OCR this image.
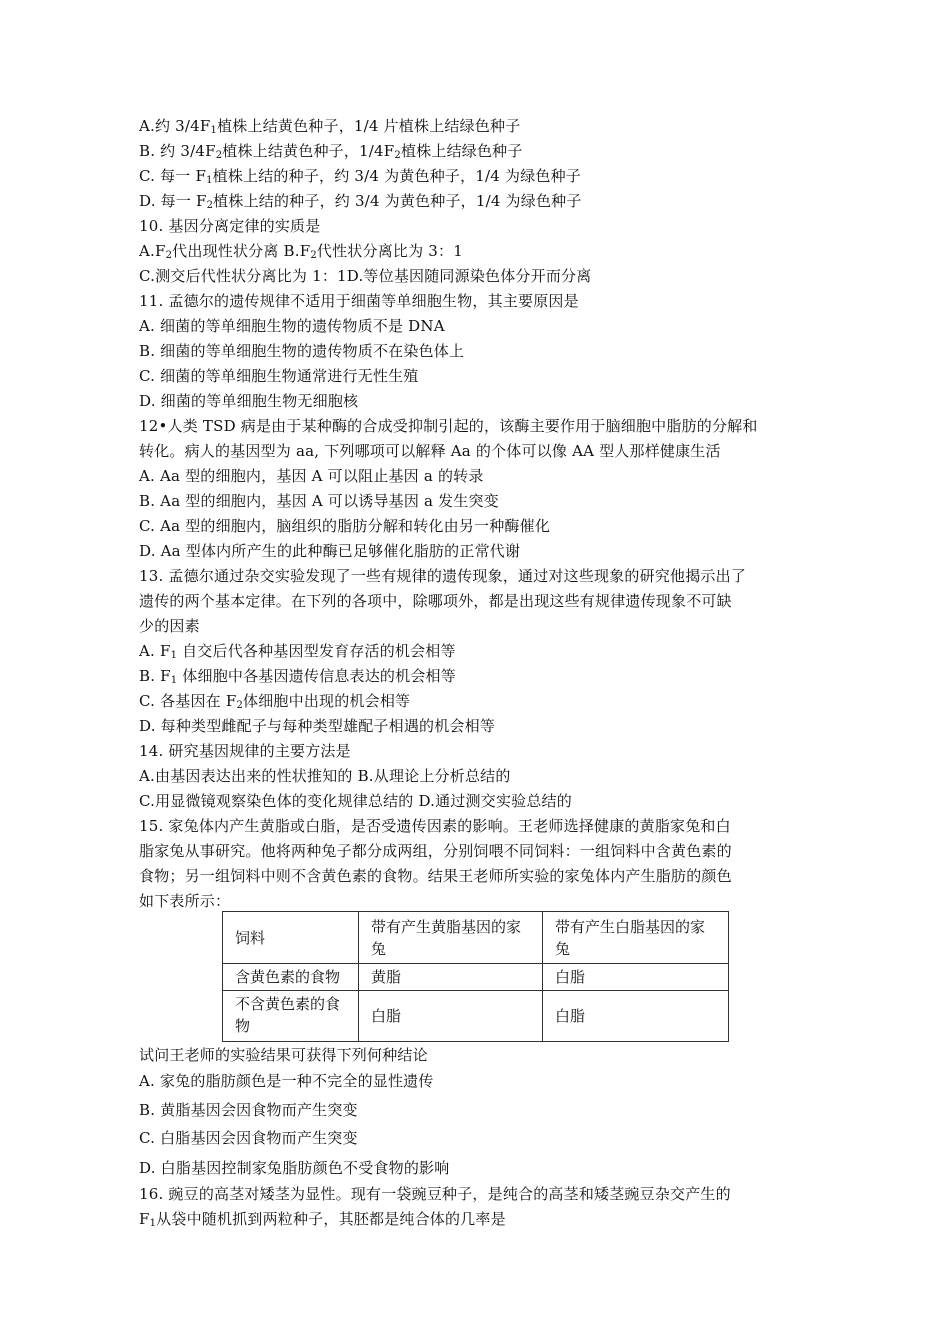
A.约 $3/4F_1$植株上结黄色种子，1/4 片植株上结绿色种子
B. 约 $3/4F_2$植株上结黄色种子，$1/4F_2$植株上结绿色种子
C. 每一 $F_1$植株上结的种子，约 3/4 为黄色种子，1/4 为绿色种子
D. 每一 $F_2$植株上结的种子，约 3/4 为黄色种子，1/4 为绿色种子
10. 基因分离定律的实质是
$A.F_2$代出现性状分离 $B.F_2$代性状分离比为 3：1
C.测交后代性状分离比为 1：1D.等位基因随同源染色体分开而分离
11. 孟德尔的遗传规律不适用于细菌等单细胞生物，其主要原因是
A. 细菌的等单细胞生物的遗传物质不是 DNA
B. 细菌的等单细胞生物的遗传物质不在染色体上
C. 细菌的等单细胞生物通常进行无性生殖
D. 细菌的等单细胞生物无细胞核
12•人类 TSD 病是由于某种酶的合成受抑制引起的，该酶主要作用于脑细胞中脂肪的分解和
转化。病人的基因型为 aa, 下列哪项可以解释 Aa 的个体可以像 AA 型人那样健康生活
A. Aa 型的细胞内，基因 A 可以阻止基因 a 的转录
B. Aa 型的细胞内，基因 A 可以诱导基因 a 发生突变
C. Aa 型的细胞内，脑组织的脂肪分解和转化由另一种酶催化
D. Aa 型体内所产生的此种酶已足够催化脂肪的正常代谢
13. 孟德尔通过杂交实验发现了一些有规律的遗传现象，通过对这些现象的研究他揭示出了
遗传的两个基本定律。在下列的各项中，除哪项外，都是出现这些有规律遗传现象不可缺
少的因素
A. $F_1$ 自交后代各种基因型发育存活的机会相等
B. $F_1$ 体细胞中各基因遗传信息表达的机会相等
C. 各基因在 $F_2$体细胞中出现的机会相等
D. 每种类型雌配子与每种类型雄配子相遇的机会相等
14. 研究基因规律的主要方法是
A.由基因表达出来的性状推知的 B.从理论上分析总结的
C.用显微镜观察染色体的变化规律总结的 D.通过测交实验总结的
15. 家兔体内产生黄脂或白脂，是否受遗传因素的影响。王老师选择健康的黄脂家兔和白
脂家兔从事研究。他将两种兔子都分成两组，分别饲喂不同饲料：一组饲料中含黄色素的
食物；另一组饲料中则不含黄色素的食物。结果王老师所实验的家兔体内产生脂肪的颜色
如下表所示：
饲料	带有产生黄脂基因的家兔	带有产生白脂基因的家兔

含黄色素的食物	黄脂	白脂

不含黄色素的食物	白脂	白脂
试问王老师的实验结果可获得下列何种结论
A. 家兔的脂肪颜色是一种不完全的显性遗传
B. 黄脂基因会因食物而产生突变
C. 白脂基因会因食物而产生突变
D. 白脂基因控制家兔脂肪颜色不受食物的影响
16. 豌豆的高茎对矮茎为显性。现有一袋豌豆种子，是纯合的高茎和矮茎豌豆杂交产生的
$F_1$从袋中随机抓到两粒种子，其胚都是纯合体的几率是
